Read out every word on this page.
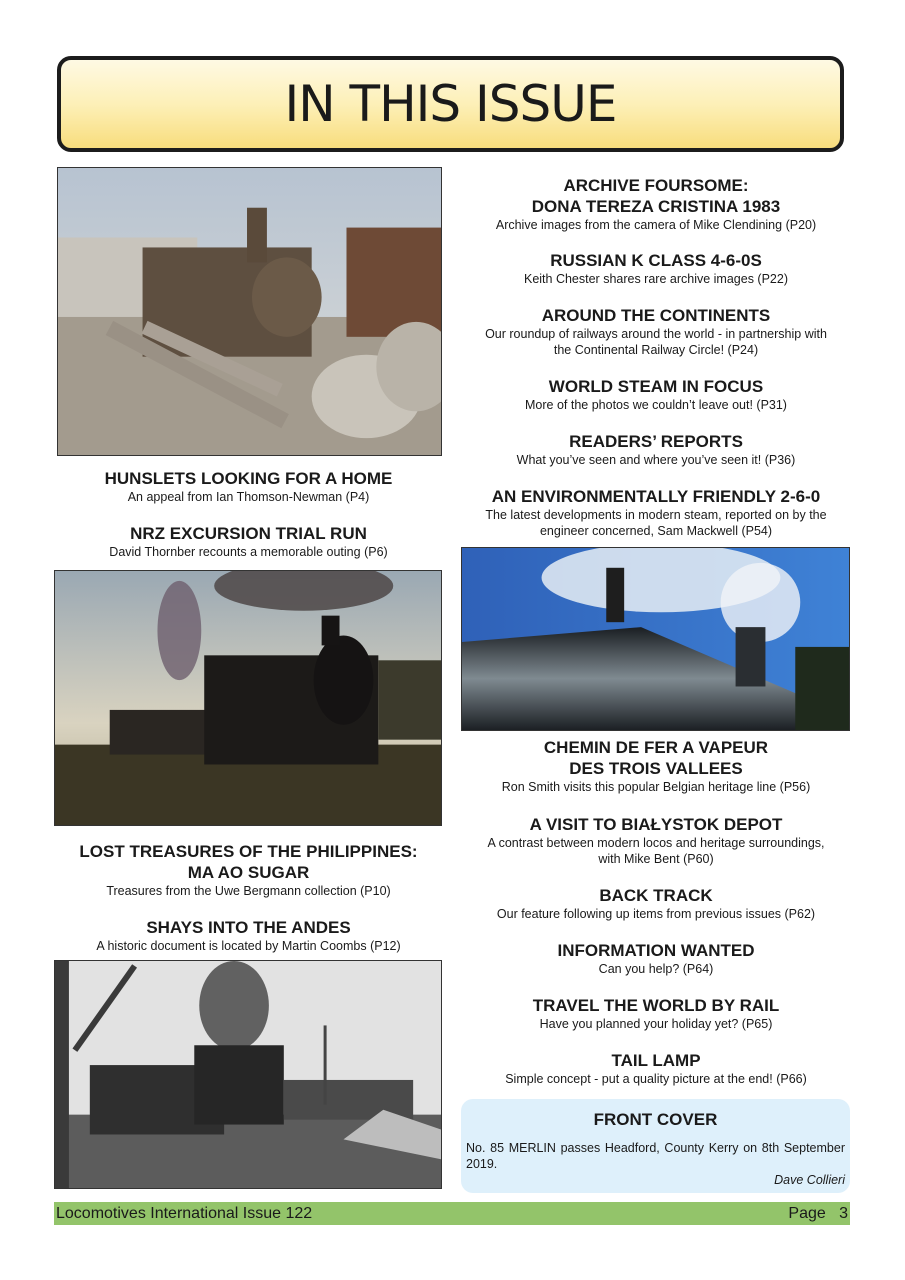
IN THIS ISSUE
HUNSLETS LOOKING FOR A HOME
An appeal from Ian Thomson-Newman (P4)
NRZ EXCURSION TRIAL RUN
David Thornber recounts a memorable outing (P6)
LOST TREASURES OF THE PHILIPPINES:
MA AO SUGAR
Treasures from the Uwe Bergmann collection (P10)
SHAYS INTO THE ANDES
A historic document is located by Martin Coombs (P12)
ARCHIVE FOURSOME:
DONA TEREZA CRISTINA 1983
Archive images from the camera of Mike Clendining (P20)
RUSSIAN K CLASS 4-6-0S
Keith Chester shares rare archive images (P22)
AROUND THE CONTINENTS
Our roundup of railways around the world - in partnership with
the Continental Railway Circle! (P24)
WORLD STEAM IN FOCUS
More of the photos we couldn’t leave out! (P31)
READERS’ REPORTS
What you’ve seen and where you’ve seen it! (P36)
AN ENVIRONMENTALLY FRIENDLY 2-6-0
The latest developments in modern steam, reported on by the
engineer concerned, Sam Mackwell (P54)
CHEMIN DE FER A VAPEUR
DES TROIS VALLEES
Ron Smith visits this popular Belgian heritage line (P56)
A VISIT TO BIAŁYSTOK DEPOT
A contrast between modern locos and heritage surroundings,
with Mike Bent (P60)
BACK TRACK
Our feature following up items from previous issues (P62)
INFORMATION WANTED
Can you help? (P64)
TRAVEL THE WORLD BY RAIL
Have you planned your holiday yet? (P65)
TAIL LAMP
Simple concept - put a quality picture at the end! (P66)
FRONT COVER
No. 85 MERLIN passes Headford, County Kerry on 8th September 2019.
Dave Collieri
Locomotives International Issue 122	Page   3
